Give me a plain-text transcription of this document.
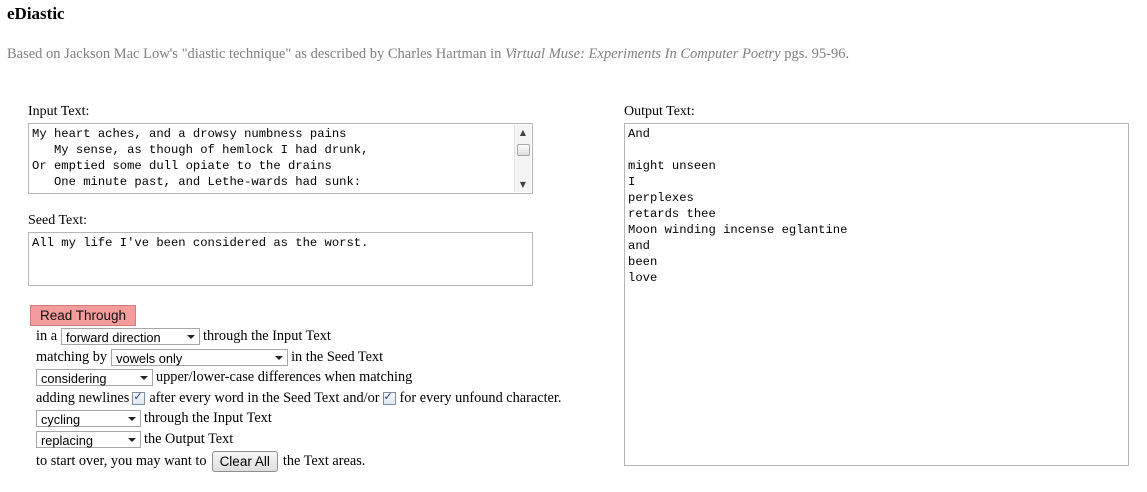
eDiastic
Based on Jackson Mac Low's "diastic technique" as described by Charles Hartman in Virtual Muse: Experiments In Computer Poetry pgs. 95-96.
Input Text:
My heart aches, and a drowsy numbness pains
My sense, as though of hemlock I had drunk,
Or emptied some dull opiate to the drains
One minute past, and Lethe-wards had sunk:
▲
▼
Seed Text:
All my life I've been considered as the worst.
Output Text:
And

might unseen
I
perplexes
retards thee
Moon winding incense eglantine
and
been
love
Read Through
in a forward direction	through the Input Text
matching by vowels only	in the Seed Text
considering	upper/lower-case differences when matching
adding newlines ✓ after every word in the Seed Text and/or ✓ for every unfound character.
cycling	through the Input Text
replacing	the Output Text
to start over, you may want to Clear All the Text areas.
